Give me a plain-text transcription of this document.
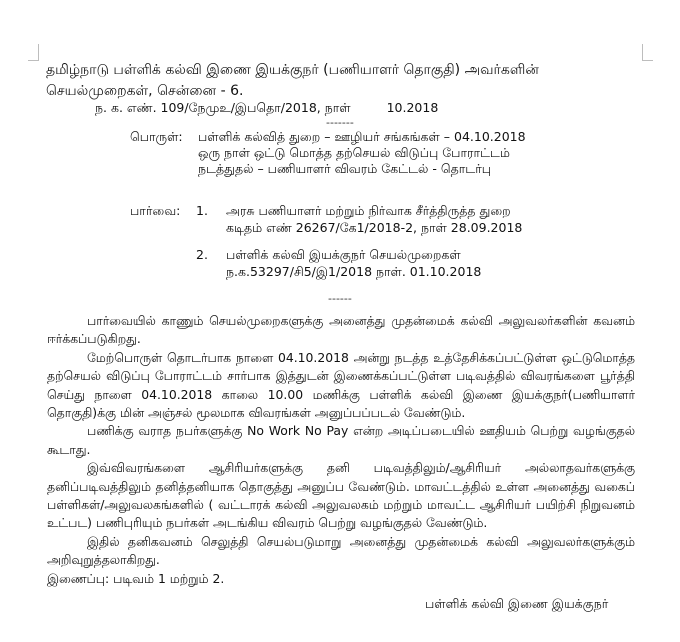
தமிழ்நாடு பள்ளிக் கல்வி இணை இயக்குநர் (பணியாளர் தொகுதி) அவர்களின்
செயல்முறைகள், சென்னை - 6.
ந. க. எண். 109/நேமுஉ/இபதொ/2018, நாள்	10.2018
-------
பொருள்: பள்ளிக் கல்வித் துறை – ஊழியர் சங்கங்கள் – 04.10.2018
ஒரு நாள் ஒட்டு மொத்த தற்செயல் விடுப்பு போராட்டம்
நடத்துதல் – பணியாளர் விவரம் கேட்டல் - தொடர்பு
பார்வை: 1. அரசு பணியாளர் மற்றும் நிர்வாக சீர்த்திருத்த துறை
கடிதம் எண் 26267/கே1/2018-2, நாள் 28.09.2018
2. பள்ளிக் கல்வி இயக்குநர் செயல்முறைகள்
ந.க.53297/சி5/இ1/2018 நாள். 01.10.2018
------

பார்வையில் காணும் செயல்முறைகளுக்கு அனைத்து முதன்மைக் கல்வி அலுவலர்களின் கவனம் ஈர்க்கப்படுகிறது.

மேற்பொருள் தொடர்பாக நாளை 04.10.2018 அன்று நடத்த உத்தேசிக்கப்பட்டுள்ள ஒட்டுமொத்த தற்செயல் விடுப்பு போராட்டம் சார்பாக இத்துடன் இணைக்கப்பட்டுள்ள படிவத்தில் விவரங்களை பூர்த்தி செய்து நாளை 04.10.2018 காலை 10.00 மணிக்கு பள்ளிக் கல்வி இணை இயக்குநர்(பணியாளர் தொகுதி)க்கு மின் அஞ்சல் மூலமாக விவரங்கள் அனுப்பப்படல் வேண்டும்.

பணிக்கு வராத நபர்களுக்கு No Work No Pay என்ற அடிப்படையில் ஊதியம் பெற்று வழங்குதல் கூடாது.

இவ்விவரங்களை ஆசிரியர்களுக்கு தனி படிவத்திலும்/ஆசிரியர் அல்லாதவர்களுக்கு தனிப்படிவத்திலும் தனித்தனியாக தொகுத்து அனுப்ப வேண்டும். மாவட்டத்தில் உள்ள அனைத்து வகைப் பள்ளிகள்/அலுவலகங்களில் ( வட்டாரக் கல்வி அலுவலகம் மற்றும் மாவட்ட ஆசிரியர் பயிற்சி நிறுவனம் உட்பட) பணிபுரியும் நபர்கள் அடங்கிய விவரம் பெற்று வழங்குதல் வேண்டும்.

இதில் தனிகவனம் செலுத்தி செயல்படுமாறு அனைத்து முதன்மைக் கல்வி அலுவலர்களுக்கும் அறிவுறுத்தலாகிறது.

இணைப்பு: படிவம் 1 மற்றும் 2.

பள்ளிக் கல்வி இணை இயக்குநர்
